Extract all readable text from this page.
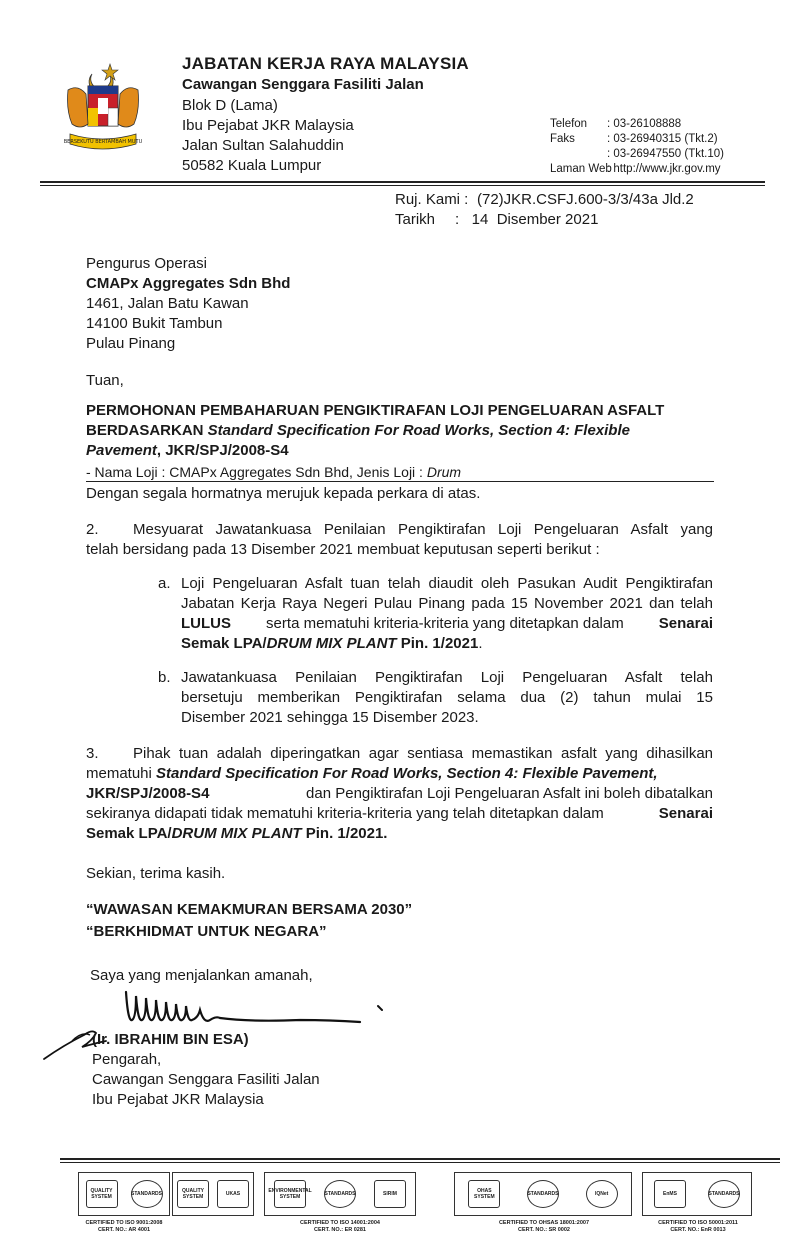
BERSEKUTU BERTAMBAH MUTU
JABATAN KERJA RAYA MALAYSIA
Cawangan Senggara Fasiliti Jalan
Blok D (Lama)
Ibu Pejabat JKR Malaysia
Jalan Sultan Salahuddin
50582 Kuala Lumpur
Telefon : 03-26108888
Faks	: 03-26940315 (Tkt.2)
: 03-26947550 (Tkt.10)
Laman Web
: http://www.jkr.gov.my
Ruj. Kami : (72)JKR.CSFJ.600-3/3/43a Jld.2
Tarikh :   14  Disember 2021
Pengurus Operasi
CMAPx Aggregates Sdn Bhd
1461, Jalan Batu Kawan
14100 Bukit Tambun
Pulau Pinang
Tuan,
PERMOHONAN PEMBAHARUAN PENGIKTIRAFAN LOJI PENGELUARAN ASFALT
BERDASARKAN Standard Specification For Road Works, Section 4: Flexible
Pavement, JKR/SPJ/2008-S4
- Nama Loji : CMAPx Aggregates Sdn Bhd, Jenis Loji : Drum
Dengan segala hormatnya merujuk kepada perkara di atas.
2. Mesyuarat Jawatankuasa Penilaian Pengiktirafan Loji Pengeluaran Asfalt yang
telah bersidang pada 13 Disember 2021 membuat keputusan seperti berikut :
a. Loji Pengeluaran Asfalt tuan telah diaudit oleh Pasukan Audit Pengiktirafan
Jabatan Kerja Raya Negeri Pulau Pinang pada 15 November 2021 dan telah
LULUS	serta mematuhi kriteria-kriteria yang ditetapkan dalam	Senarai
Semak LPA/DRUM MIX PLANT Pin. 1/2021.
b. Jawatankuasa Penilaian Pengiktirafan Loji Pengeluaran Asfalt telah
bersetuju memberikan Pengiktirafan selama dua (2) tahun mulai 15
Disember 2021 sehingga 15 Disember 2023.
3. Pihak tuan adalah diperingatkan agar sentiasa memastikan asfalt yang dihasilkan
mematuhi Standard Specification For Road Works, Section 4: Flexible Pavement,
JKR/SPJ/2008-S4	dan Pengiktirafan Loji Pengeluaran Asfalt ini boleh dibatalkan
sekiranya didapati tidak mematuhi kriteria-kriteria yang telah ditetapkan dalam	Senarai
Semak LPA/DRUM MIX PLANT Pin. 1/2021.
Sekian, terima kasih.
“WAWASAN KEMAKMURAN BERSAMA 2030”
“BERKHIDMAT UNTUK NEGARA”
Saya yang menjalankan amanah,
(Ir. IBRAHIM BIN ESA)
Pengarah,
Cawangan Senggara Fasiliti Jalan
Ibu Pejabat JKR Malaysia
QUALITY SYSTEM	STANDARDS	QUALITY SYSTEM	UKAS	ENVIRONMENTAL SYSTEM	STANDARDS	SIRIM	OHAS SYSTEM	STANDARDS	IQNet	EnMS	STANDARDS
CERTIFIED TO ISO 9001:2008
CERT. NO.: AR 4001
CERTIFIED TO ISO 14001:2004
CERT. NO.: ER 0281
CERTIFIED TO OHSAS 18001:2007
CERT. NO.: SR 0002
CERTIFIED TO ISO 50001:2011
CERT. NO.: EnR 0013
